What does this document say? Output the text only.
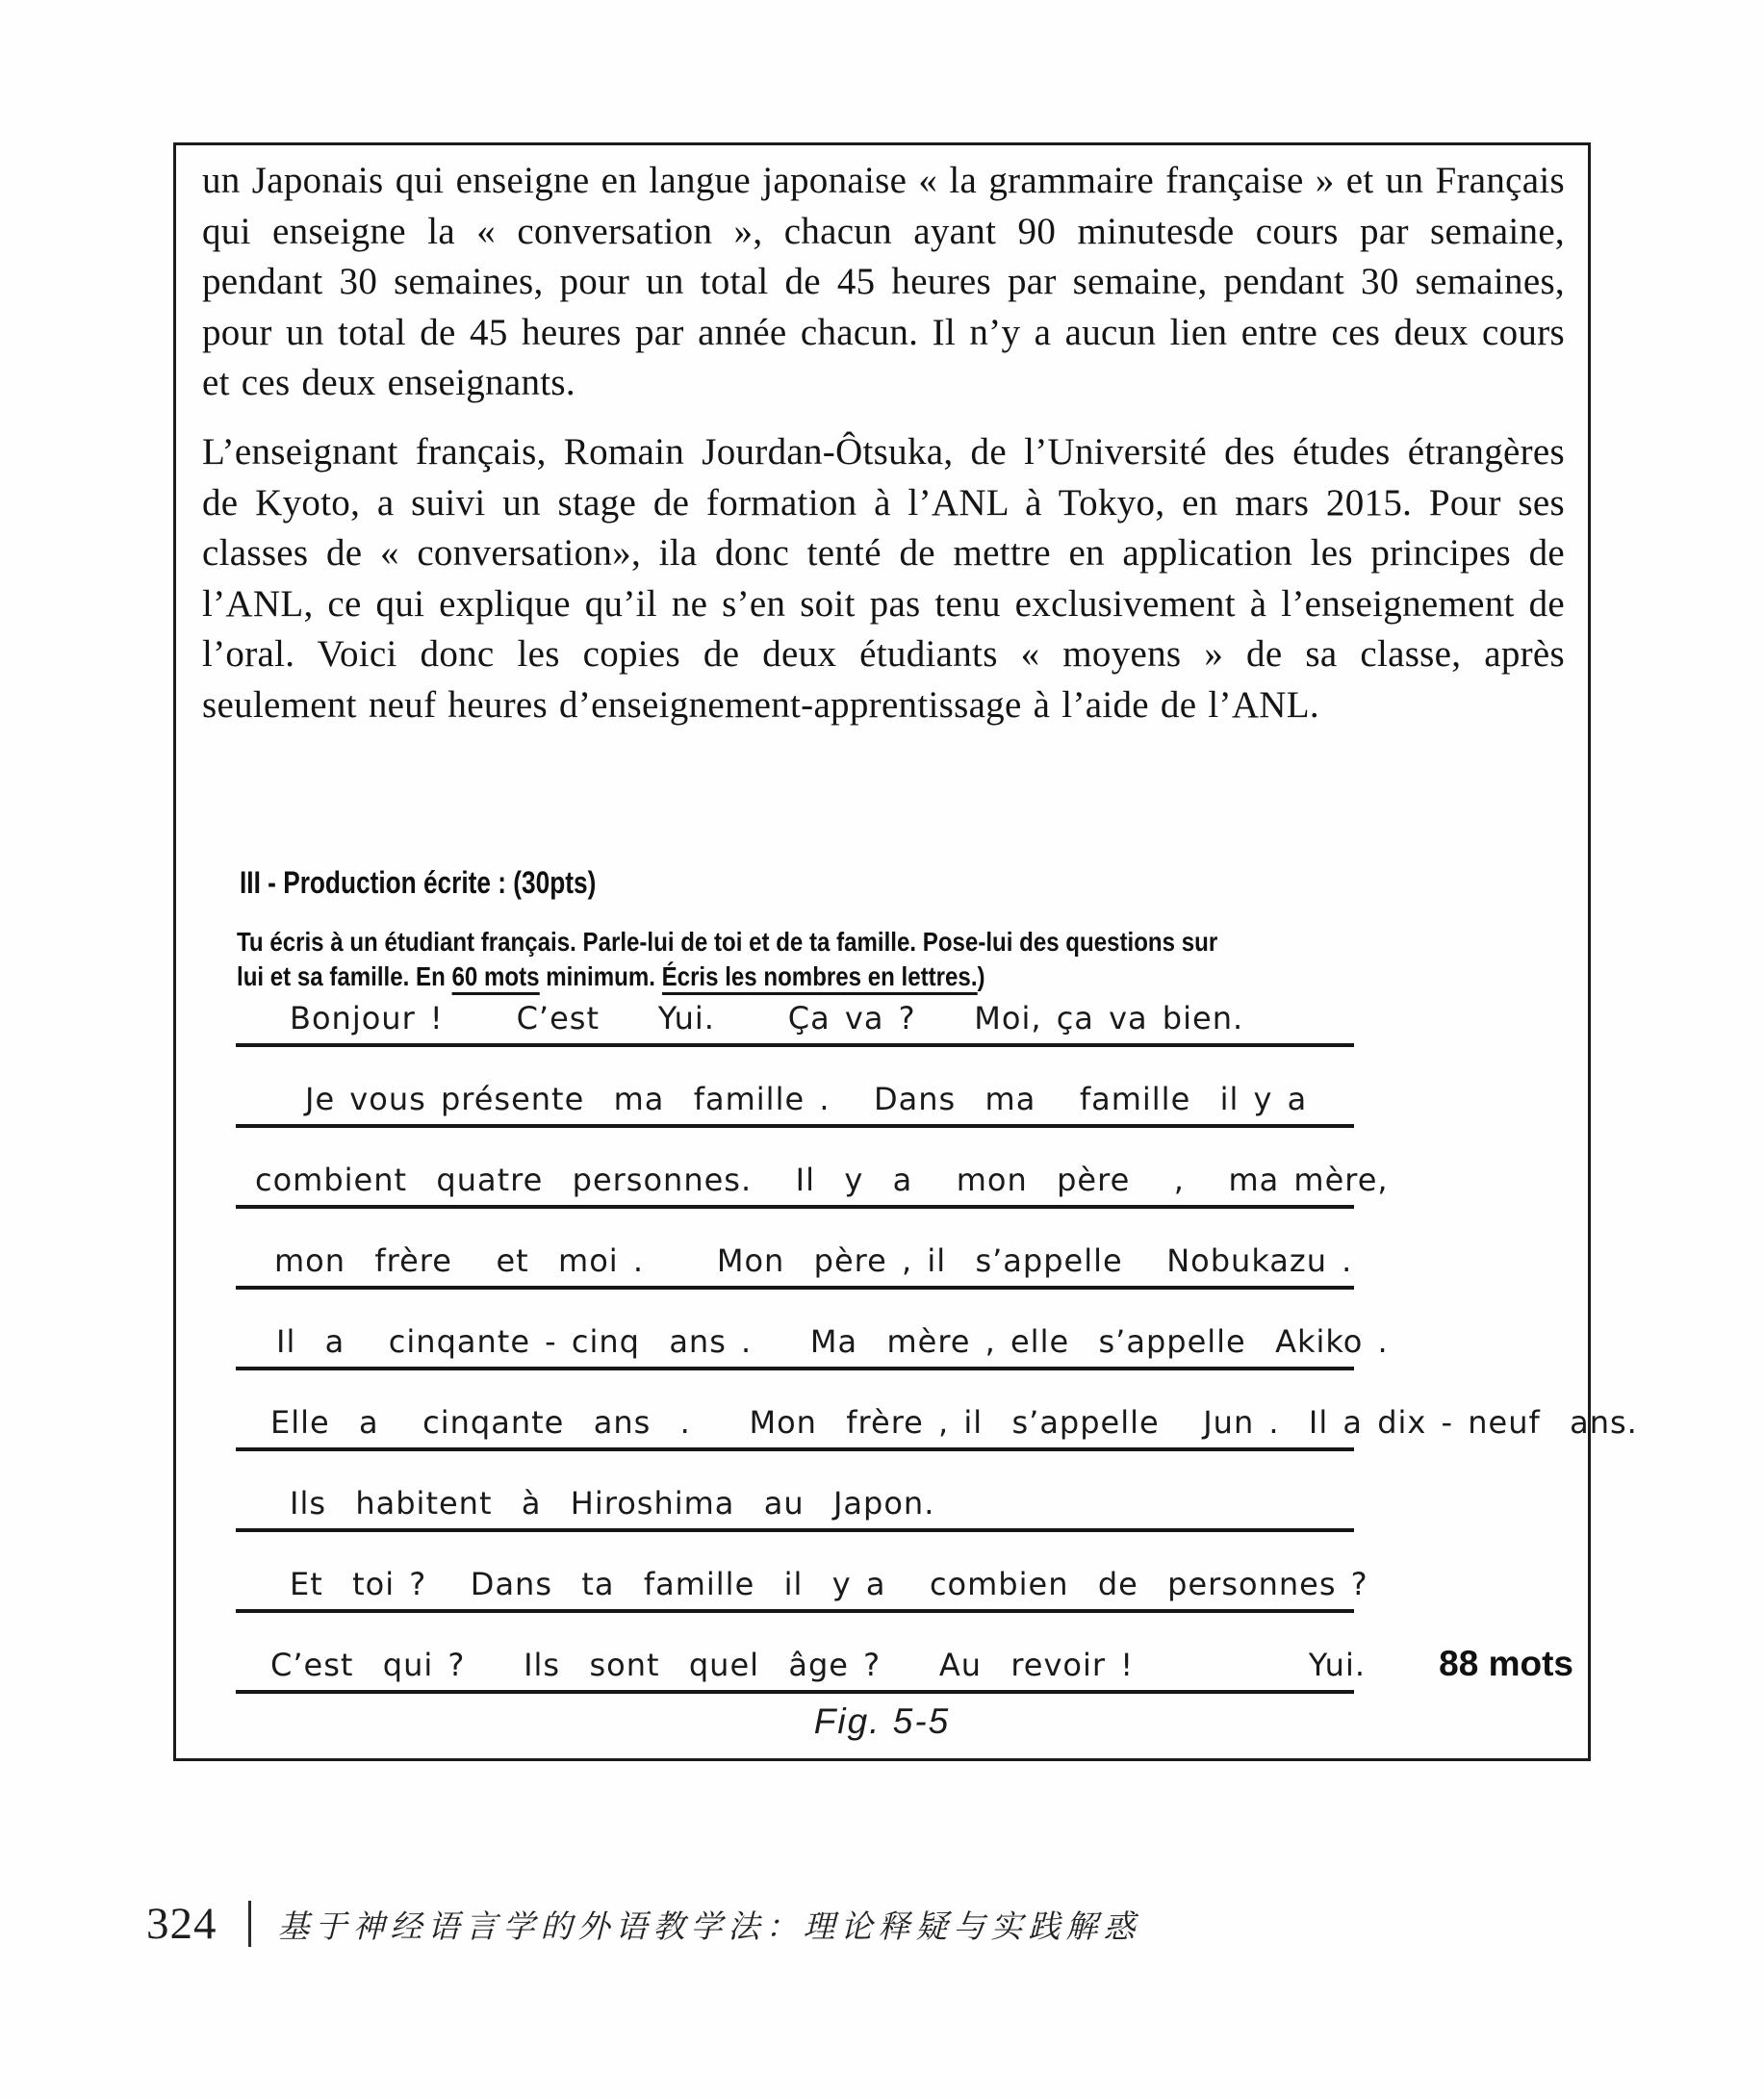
un Japonais qui enseigne en langue japonaise « la grammaire française » et un Français qui enseigne la « conversation », chacun ayant 90 minutesde cours par semaine, pendant 30 semaines, pour un total de 45 heures par semaine, pendant 30 semaines, pour un total de 45 heures par année chacun. Il n’y a aucun lien entre ces deux cours et ces deux enseignants.

L’enseignant français, Romain Jourdan-Ôtsuka, de l’Université des études étrangères de Kyoto, a suivi un stage de formation à l’ANL à Tokyo, en mars 2015. Pour ses classes de « conversation», ila donc tenté de mettre en application les principes de l’ANL, ce qui explique qu’il ne s’en soit pas tenu exclusivement à l’enseignement de l’oral. Voici donc les copies de deux étudiants « moyens » de sa classe, après seulement neuf heures d’enseignement-apprentissage à l’aide de l’ANL.

III - Production écrite : (30pts)
Tu écris à un étudiant français. Parle-lui de toi et de ta famille. Pose-lui des questions sur
lui et sa famille. En 60 mots minimum. Écris les nombres en lettres.)
Bonjour !     C’est    Yui.     Ça va ?    Moi, ça va bien.
Je vous présente  ma  famille .   Dans  ma   famille  il y a
combient  quatre  personnes.   Il  y  a   mon  père   ,   ma mère,
mon  frère   et  moi .     Mon  père , il  s’appelle   Nobukazu .
Il  a   cinqante - cinq  ans .    Ma  mère , elle  s’appelle  Akiko .
Elle  a   cinqante  ans  .    Mon  frère , il  s’appelle   Jun .  Il a dix - neuf  ans.
Ils  habitent  à  Hiroshima  au  Japon.
Et  toi ?   Dans  ta  famille  il  y a   combien  de  personnes ?
C’est  qui ?    Ils  sont  quel  âge ?    Au  revoir !	Yui. 88 mots
Fig. 5-5
324 基于神经语言学的外语教学法：理论释疑与实践解惑
